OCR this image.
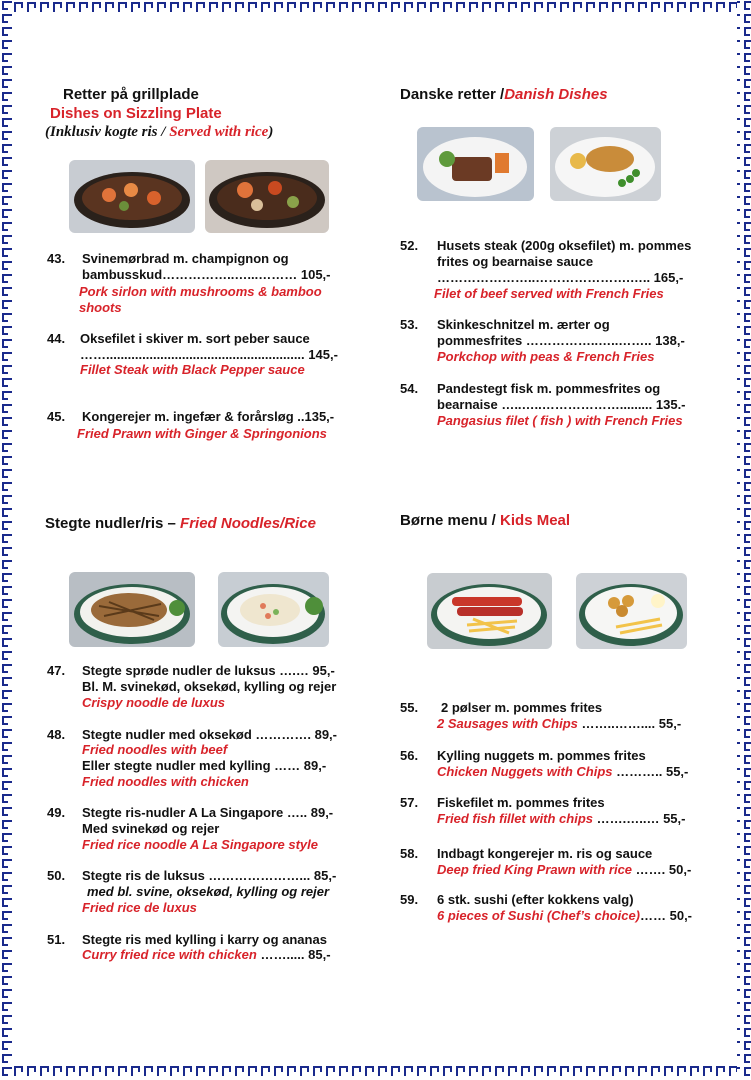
Retter på grillplade
Dishes on Sizzling Plate
(Inklusiv kogte ris / Served with rice)
43. Svinemørbrad m. champignon og
bambusskud……………..…...……… 105,-
Pork sirlon with mushrooms & bamboo
shoots
44. Oksefilet i skiver m. sort peber sauce
……....................................................... 145,-
Fillet Steak with Black Pepper sauce
45. Kongerejer m. ingefær & forårsløg ..135,-
Fried Prawn with Ginger & Springonions
Danske retter /Danish Dishes
52. Husets steak (200g oksefilet) m. pommes
frites og bearnaise sauce
…………………..………………….….. 165,-
Filet of beef served with French Fries
53. Skinkeschnitzel m. ærter og
pommesfrites ……………..…..…….. 138,-
Porkchop with peas & French Fries
54. Pandestegt fisk m. pommesfrites og
bearnaise …..…..………………......... 135.-
Pangasius filet ( fish ) with French Fries
Stegte nudler/ris – Fried Noodles/Rice
47. Stegte sprøde nudler de luksus ….… 95,-
Bl. M. svinekød, oksekød, kylling og rejer
Crispy noodle de luxus
48. Stegte nudler med oksekød …………. 89,-
Fried noodles with beef
Eller stegte nudler med kylling …… 89,-
Fried noodles with chicken
49. Stegte ris-nudler A La Singapore ….. 89,-
Med svinekød og rejer
Fried rice noodle A La Singapore style
50. Stegte ris de luksus …………………... 85,-
med bl. svine, oksekød, kylling og rejer
Fried rice de luxus
51. Stegte ris med kylling i karry og ananas
Curry fried rice with chicken ……..... 85,-
Børne menu / Kids Meal
55. 2 pølser m. pommes frites
2 Sausages with Chips ……..…….... 55,-
56. Kylling nuggets m. pommes frites
Chicken Nuggets with Chips ……….. 55,-
57. Fiskefilet m. pommes frites
Fried fish fillet with chips …….…..… 55,-
58. Indbagt kongerejer m. ris og sauce
Deep fried King Prawn with rice ……. 50,-
59. 6 stk. sushi (efter kokkens valg)
6 pieces of Sushi (Chef’s choice)…… 50,-
